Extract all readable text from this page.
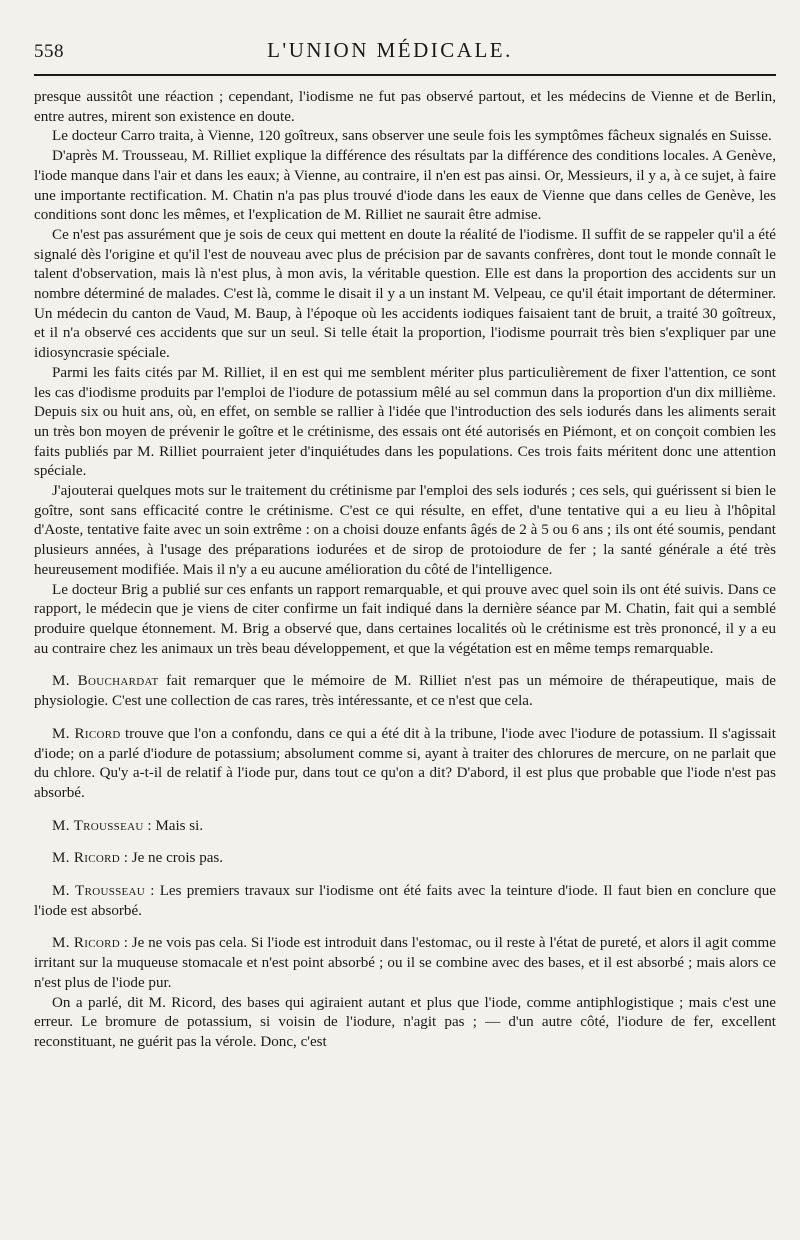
558	L'UNION MÉDICALE.

presque aussitôt une réaction ; cependant, l'iodisme ne fut pas observé partout, et les médecins de Vienne et de Berlin, entre autres, mirent son existence en doute.

Le docteur Carro traita, à Vienne, 120 goîtreux, sans observer une seule fois les symptômes fâcheux signalés en Suisse.

D'après M. Trousseau, M. Rilliet explique la différence des résultats par la différence des conditions locales. A Genève, l'iode manque dans l'air et dans les eaux; à Vienne, au contraire, il n'en est pas ainsi. Or, Messieurs, il y a, à ce sujet, à faire une importante rectification. M. Chatin n'a pas plus trouvé d'iode dans les eaux de Vienne que dans celles de Genève, les conditions sont donc les mêmes, et l'explication de M. Rilliet ne saurait être admise.

Ce n'est pas assurément que je sois de ceux qui mettent en doute la réalité de l'iodisme. Il suffit de se rappeler qu'il a été signalé dès l'origine et qu'il l'est de nouveau avec plus de précision par de savants confrères, dont tout le monde connaît le talent d'observation, mais là n'est plus, à mon avis, la véritable question. Elle est dans la proportion des accidents sur un nombre déterminé de malades. C'est là, comme le disait il y a un instant M. Velpeau, ce qu'il était important de déterminer. Un médecin du canton de Vaud, M. Baup, à l'époque où les accidents iodiques faisaient tant de bruit, a traité 30 goîtreux, et il n'a observé ces accidents que sur un seul. Si telle était la proportion, l'iodisme pourrait très bien s'expliquer par une idiosyncrasie spéciale.

Parmi les faits cités par M. Rilliet, il en est qui me semblent mériter plus particulièrement de fixer l'attention, ce sont les cas d'iodisme produits par l'emploi de l'iodure de potassium mêlé au sel commun dans la proportion d'un dix millième. Depuis six ou huit ans, où, en effet, on semble se rallier à l'idée que l'introduction des sels iodurés dans les aliments serait un très bon moyen de prévenir le goître et le crétinisme, des essais ont été autorisés en Piémont, et on conçoit combien les faits publiés par M. Rilliet pourraient jeter d'inquiétudes dans les populations. Ces trois faits méritent donc une attention spéciale.

J'ajouterai quelques mots sur le traitement du crétinisme par l'emploi des sels iodurés ; ces sels, qui guérissent si bien le goître, sont sans efficacité contre le crétinisme. C'est ce qui résulte, en effet, d'une tentative qui a eu lieu à l'hôpital d'Aoste, tentative faite avec un soin extrême : on a choisi douze enfants âgés de 2 à 5 ou 6 ans ; ils ont été soumis, pendant plusieurs années, à l'usage des préparations iodurées et de sirop de protoiodure de fer ; la santé générale a été très heureusement modifiée. Mais il n'y a eu aucune amélioration du côté de l'intelligence.

Le docteur Brig a publié sur ces enfants un rapport remarquable, et qui prouve avec quel soin ils ont été suivis. Dans ce rapport, le médecin que je viens de citer confirme un fait indiqué dans la dernière séance par M. Chatin, fait qui a semblé produire quelque étonnement. M. Brig a observé que, dans certaines localités où le crétinisme est très prononcé, il y a eu au contraire chez les animaux un très beau développement, et que la végétation est en même temps remarquable.

M. Bouchardat fait remarquer que le mémoire de M. Rilliet n'est pas un mémoire de thérapeutique, mais de physiologie. C'est une collection de cas rares, très intéressante, et ce n'est que cela.

M. Ricord trouve que l'on a confondu, dans ce qui a été dit à la tribune, l'iode avec l'iodure de potassium. Il s'agissait d'iode; on a parlé d'iodure de potassium; absolument comme si, ayant à traiter des chlorures de mercure, on ne parlait que du chlore. Qu'y a-t-il de relatif à l'iode pur, dans tout ce qu'on a dit? D'abord, il est plus que probable que l'iode n'est pas absorbé.

M. Trousseau : Mais si.

M. Ricord : Je ne crois pas.

M. Trousseau : Les premiers travaux sur l'iodisme ont été faits avec la teinture d'iode. Il faut bien en conclure que l'iode est absorbé.

M. Ricord : Je ne vois pas cela. Si l'iode est introduit dans l'estomac, ou il reste à l'état de pureté, et alors il agit comme irritant sur la muqueuse stomacale et n'est point absorbé ; ou il se combine avec des bases, et il est absorbé ; mais alors ce n'est plus de l'iode pur.

On a parlé, dit M. Ricord, des bases qui agiraient autant et plus que l'iode, comme antiphlogistique ; mais c'est une erreur. Le bromure de potassium, si voisin de l'iodure, n'agit pas ; — d'un autre côté, l'iodure de fer, excellent reconstituant, ne guérit pas la vérole. Donc, c'est
